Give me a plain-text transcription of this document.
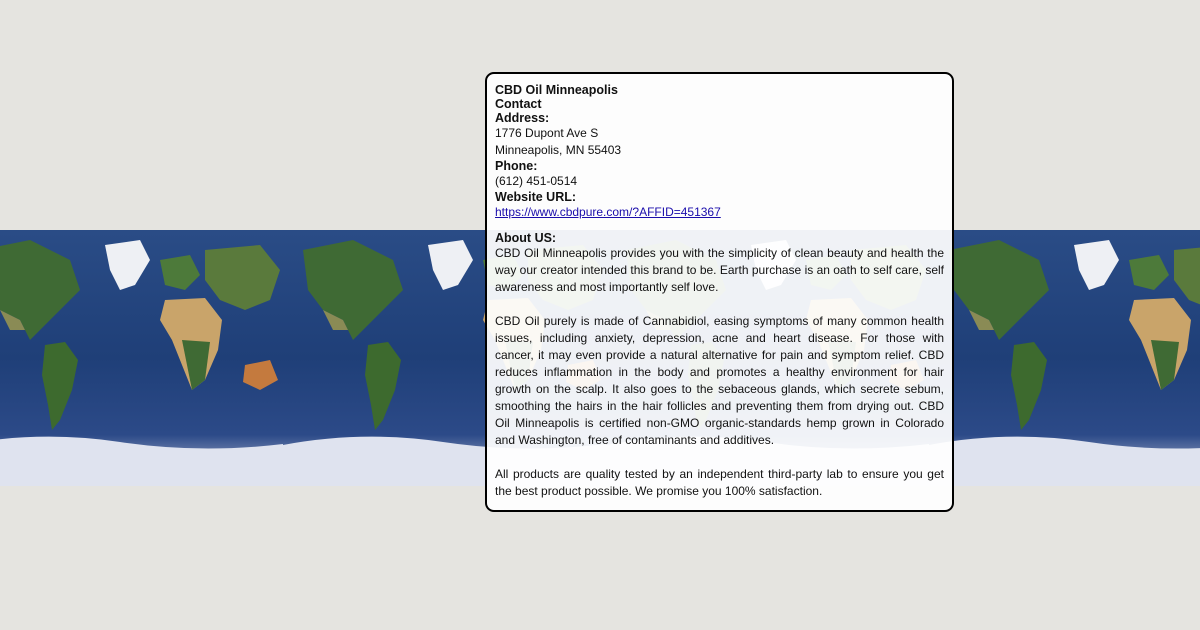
CBD Oil Minneapolis
Contact
Address:
1776 Dupont Ave S
Minneapolis, MN 55403
Phone:
(612) 451-0514
Website URL:
https://www.cbdpure.com/?AFFID=451367
About US:

CBD Oil Minneapolis provides you with the simplicity of clean beauty and health the way our creator intended this brand to be. Earth purchase is an oath to self care, self awareness and most importantly self love.

CBD Oil purely is made of Cannabidiol, easing symptoms of many common health issues, including anxiety, depression, acne and heart disease. For those with cancer, it may even provide a natural alternative for pain and symptom relief. CBD reduces inflammation in the body and promotes a healthy environment for hair growth on the scalp. It also goes to the sebaceous glands, which secrete sebum, smoothing the hairs in the hair follicles and preventing them from drying out. CBD Oil Minneapolis is certified non-GMO organic-standards hemp grown in Colorado and Washington, free of contaminants and additives.

All products are quality tested by an independent third-party lab to ensure you get the best product possible. We promise you 100% satisfaction.
